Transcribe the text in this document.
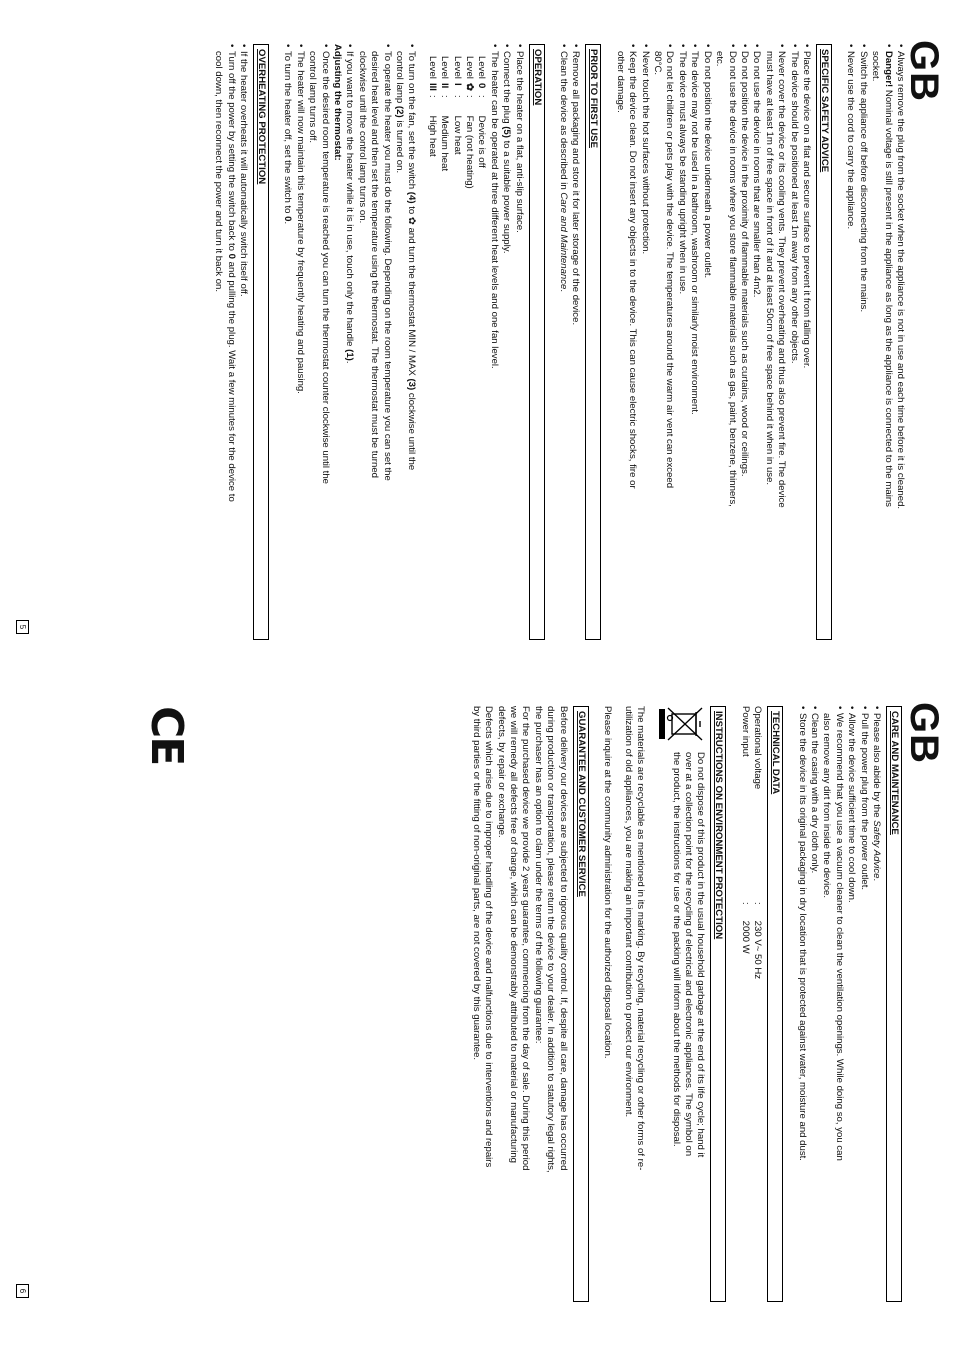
GB
• Always remove the plug from the socket when the appliance is not in use and each time before it is cleaned.
• Danger! Nominal voltage is still present in the appliance as long as the appliance is connected to the mains
socket.
• Switch the appliance off before disconnecting from the mains.
• Never use the cord to carry the appliance.
SPECIFIC SAFETY ADVICE
• Place the device on a flat and secure surface to prevent it from falling over.
• The device should be positioned at least 1m away from any other objects.
• Never cover the device or its cooling vents. They prevent overheating and thus also prevent fire. The device
must have at least 1m of free space in front of it and at least 50cm of free space behind it when in use.
• Do not use the device in rooms that are smaller than 4m2.
• Do not position the device in the proximity of flammable materials such as curtains, wood or ceilings.
• Do not use the device in rooms where you store flammable materials such as gas, paint, benzene, thinners,
etc.
• Do not position the device underneath a power outlet.
• The device may not be used in a bathroom, washroom or similarly moist environment.
• The device must always be standing upright when in use.
• Do not let children or pets play with the device. The temperatures around the warm air vent can exceed
80°C.
• Never touch the hot surfaces without protection.
• Keep the device clean. Do not insert any objects in to the device. This can cause electric shocks, fire or
other damage.
PRIOR TO FIRST USE
• Remove all packaging and store it for later storage of the device.
• Clean the device as described in Care and Maintenance.
OPERATION
• Place the heater on a flat, anti-slip surface.
• Connect the plug (5) to a suitable power supply.
• The heater can be operated at three different heat levels and one fan level.
Level	0	:	Device is off
Level	✿	:	Fan (not heating)
Level	I	:	Low heat
Level	II	:	Medium heat
Level	III	:	High heat
• To turn on the fan, set the switch (4) to ✿ and turn the thermostat MIN / MAX (3) clockwise until the
control lamp (2) is turned on.
• To operate the heater you must do the following. Depending on the room temperature you can set the
desired heat level and then set the temperature using the thermostat. The thermostat must be turned
clockwise until the control lamp turns on.
• If you want to move the heater while it is in use, touch only the handle (1).
Adjusting the thermostat:
• Once the desired room temperature is reached you can turn the thermostat counter clockwise until the
control lamp turns off.
• The heater will now maintain this temperature by frequently heating and pausing.
• To turn the heater off, set the switch to 0.
OVERHEATING PROTECTION
• If the heater overheats it will automatically switch itself off.
• Turn off the power by setting the switch back to 0 and pulling the plug. Wait a few minutes for the device to
cool down, then reconnect the power and turn it back on.
5
GB
CARE AND MAINTENANCE
• Please also abide by the Safety Advice.
• Pull the power plug from the power outlet.
• Allow the device sufficient time to cool down.
• We recommend that you use a vacuum cleaner to clean the ventilation openings. While doing so, you can
also remove any dirt from inside the device.
• Clean the casing with a dry cloth only.
• Store the device in its original packaging in dry location that is protected against water, moisture and dust.
TECHNICAL DATA
Operational voltage	:	230 V~ 50 Hz
Power input	:	2000 W
INSTRUCTIONS ON ENVIRONMENT PROTECTION
Do not dispose of this product in the usual household garbage at the end of its life cycle; hand it
over at a collection point for the recycling of electrical and electronic appliances. The symbol on
the product, the instructions for use or the packing will inform about the methods for disposal.
The materials are recyclable as mentioned in its marking. By recycling, material recycling or other forms of re-
utilization of old appliances, you are making an important contribution to protect our environment.
Please inquire at the community administration for the authorized disposal location.
GUARANTEE AND CUSTOMER SERVICE
Before delivery our devices are subjected to rigorous quality control. If, despite all care, damage has occurred
during production or transportation, please return the device to your dealer. In addition to statutory legal rights,
the purchaser has an option to clam under the terms of the following guarantee:
For the purchased device we provide 2 years guarantee, commencing from the day of sale. During this period
we will remedy all defects free of charge, which can be demonstrably attributed to material or manufacturing
defects, by repair or exchange.
Defects which arise due to improper handling of the device and malfunctions due to interventions and repairs
by third parties or the fitting of non-original parts, are not covered by this guarantee.
CE
6
